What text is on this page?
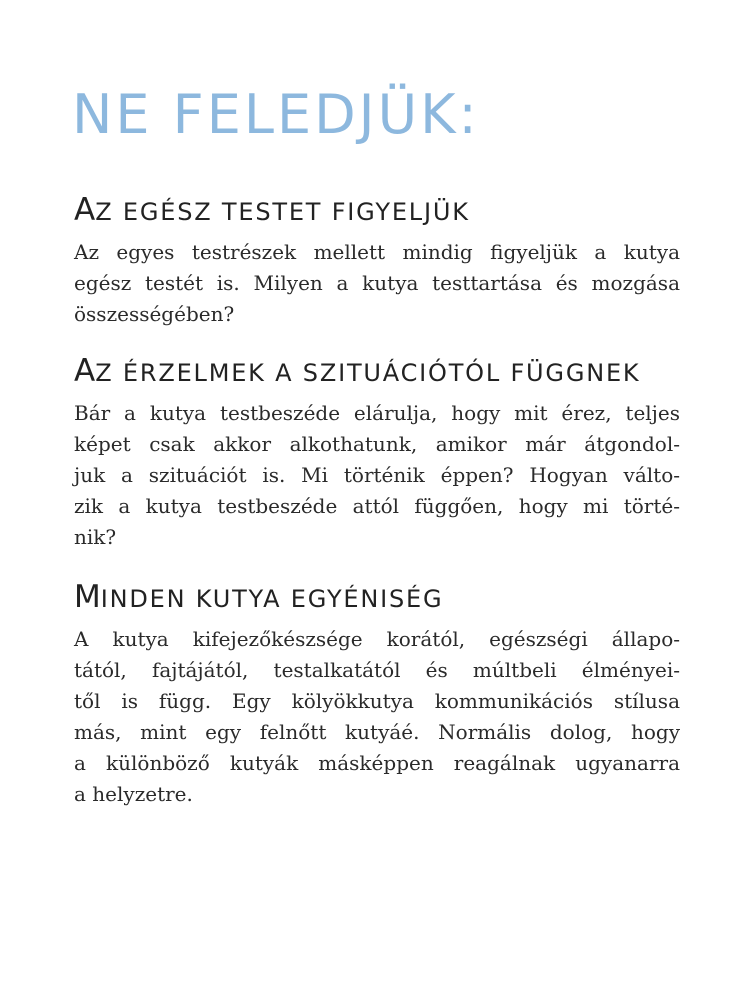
NE FELEDJÜK:
AZ EGÉSZ TESTET FIGYELJÜK

Az egyes testrészek mellett mindig figyeljük a kutya
egész testét is. Milyen a kutya testtartása és mozgása
összességében?

AZ ÉRZELMEK A SZITUÁCIÓTÓL FÜGGNEK

Bár a kutya testbeszéde elárulja, hogy mit érez, teljes
képet csak akkor alkothatunk, amikor már átgondol-
juk a szituációt is. Mi történik éppen? Hogyan válto-
zik a kutya testbeszéde attól függően, hogy mi törté-
nik?

MINDEN KUTYA EGYÉNISÉG

A kutya kifejezőkészsége korától, egészségi állapo-
tától, fajtájától, testalkatától és múltbeli élményei-
től is függ. Egy kölyökkutya kommunikációs stílusa
más, mint egy felnőtt kutyáé. Normális dolog, hogy
a különböző kutyák másképpen reagálnak ugyanarra
a helyzetre.
